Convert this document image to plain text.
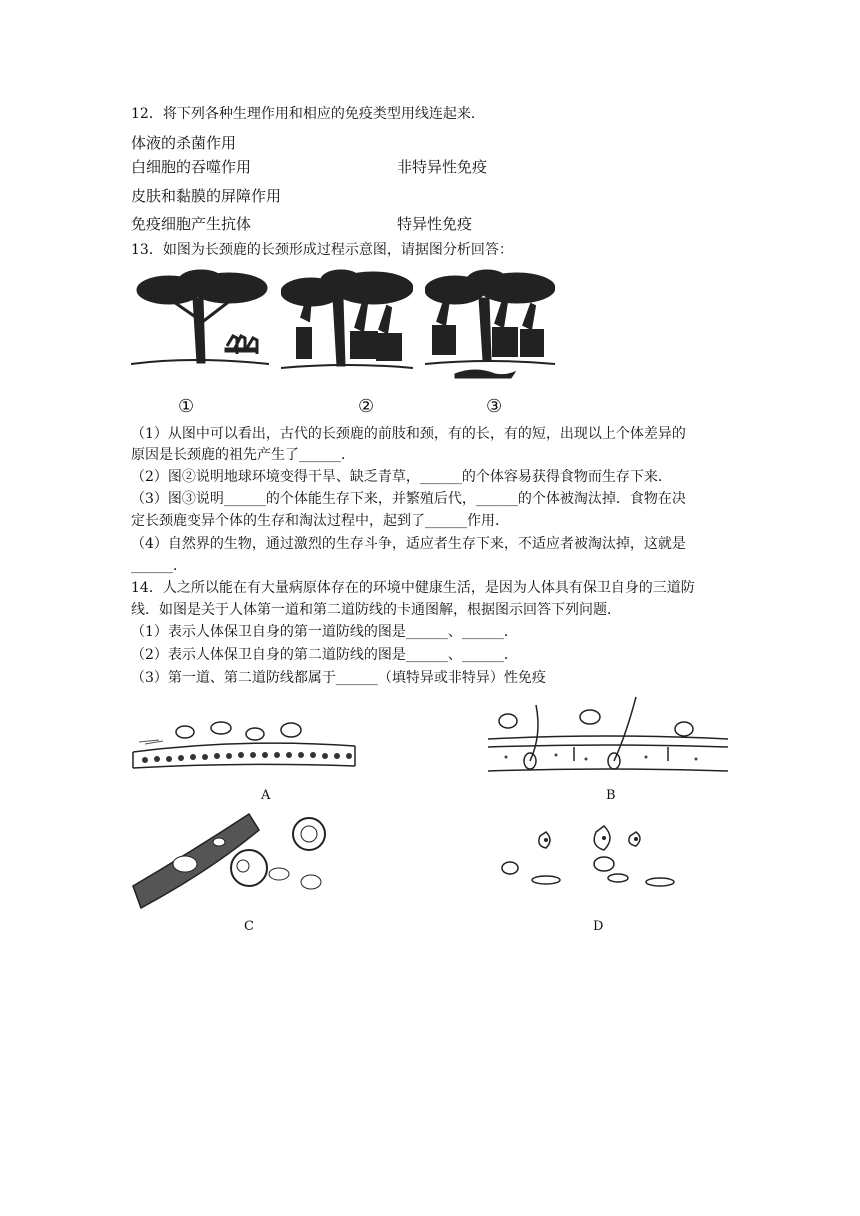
12．将下列各种生理作用和相应的免疫类型用线连起来．
体液的杀菌作用
白细胞的吞噬作用	非特异性免疫
皮肤和黏膜的屏障作用
免疫细胞产生抗体	特异性免疫
13．如图为长颈鹿的长颈形成过程示意图，请据图分析回答：
①	②	③
（1）从图中可以看出，古代的长颈鹿的前肢和颈，有的长，有的短，出现以上个体差异的
原因是长颈鹿的祖先产生了______．
（2）图②说明地球环境变得干旱、缺乏青草，______的个体容易获得食物而生存下来．
（3）图③说明______的个体能生存下来，并繁殖后代，______的个体被淘汰掉．食物在决
定长颈鹿变异个体的生存和淘汰过程中，起到了______作用．
（4）自然界的生物，通过激烈的生存斗争，适应者生存下来，不适应者被淘汰掉，这就是
______．
14．人之所以能在有大量病原体存在的环境中健康生活，是因为人体具有保卫自身的三道防
线．如图是关于人体第一道和第二道防线的卡通图解，根据图示回答下列问题．
（1）表示人体保卫自身的第一道防线的图是______、______．
（2）表示人体保卫自身的第二道防线的图是______、______．
（3）第一道、第二道防线都属于______（填特异或非特异）性免疫
A	B
C	D
